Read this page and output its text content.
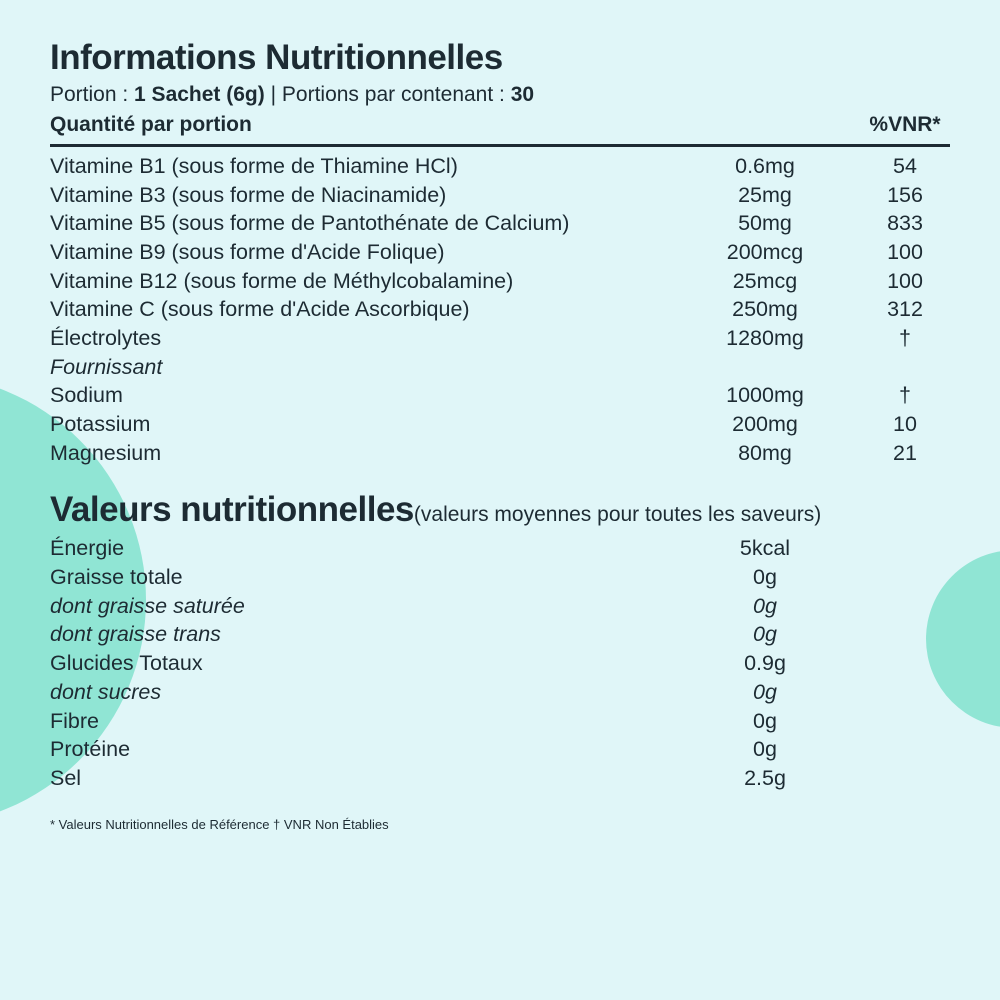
Informations Nutritionnelles

Portion : 1 Sachet (6g) | Portions par contenant : 30

Quantité par portion	%VNR*
Vitamine B1 (sous forme de Thiamine HCl)	0.6mg	54
Vitamine B3 (sous forme de Niacinamide)	25mg	156
Vitamine B5 (sous forme de Pantothénate de Calcium)	50mg	833
Vitamine B9 (sous forme d'Acide Folique)	200mcg	100
Vitamine B12 (sous forme de Méthylcobalamine)	25mcg	100
Vitamine C (sous forme d'Acide Ascorbique)	250mg	312
Électrolytes	1280mg	†
Fournissant
Sodium	1000mg	†
Potassium	200mg	10
Magnesium	80mg	21
Valeurs nutritionnelles(valeurs moyennes pour toutes les saveurs)
Énergie	5kcal
Graisse totale	0g
dont graisse saturée	0g
dont graisse trans	0g
Glucides Totaux	0.9g
dont sucres	0g
Fibre	0g
Protéine	0g
Sel	2.5g

* Valeurs Nutritionnelles de Référence † VNR Non Établies
